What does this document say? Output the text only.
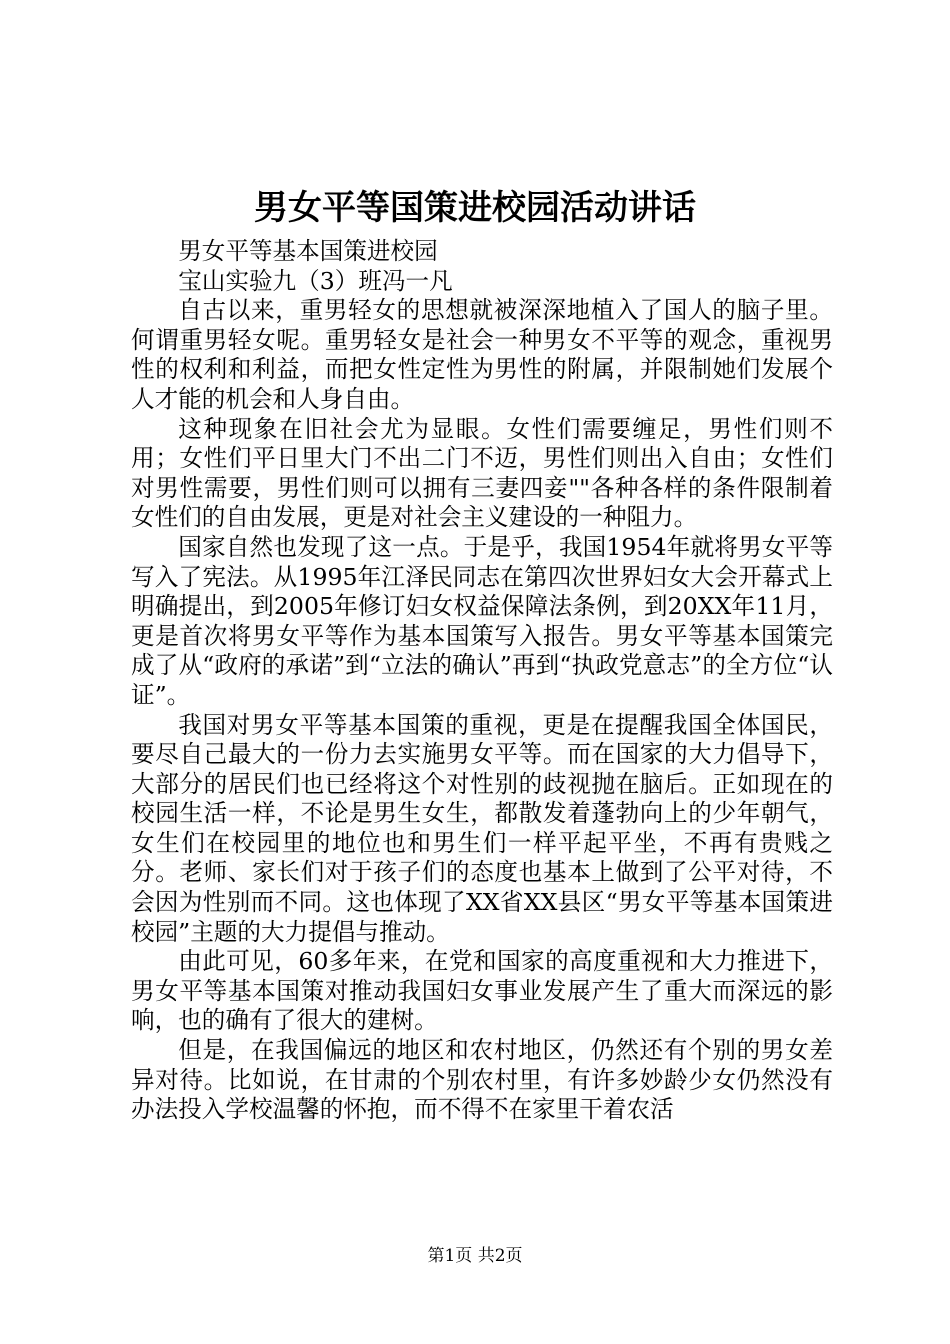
男女平等国策进校园活动讲话

男女平等基本国策进校园

宝山实验九（3）班冯一凡

自古以来，重男轻女的思想就被深深地植入了国人的脑子里。何谓重男轻女呢。重男轻女是社会一种男女不平等的观念，重视男性的权利和利益，而把女性定性为男性的附属，并限制她们发展个人才能的机会和人身自由。

这种现象在旧社会尤为显眼。女性们需要缠足，男性们则不用；女性们平日里大门不出二门不迈，男性们则出入自由；女性们对男性需要，男性们则可以拥有三妻四妾""各种各样的条件限制着女性们的自由发展，更是对社会主义建设的一种阻力。

国家自然也发现了这一点。于是乎，我国1954年就将男女平等写入了宪法。从1995年江泽民同志在第四次世界妇女大会开幕式上明确提出，到2005年修订妇女权益保障法条例，到20XX年11月，更是首次将男女平等作为基本国策写入报告。男女平等基本国策完成了从“政府的承诺”到“立法的确认”再到“执政党意志”的全方位“认证”。

我国对男女平等基本国策的重视，更是在提醒我国全体国民，要尽自己最大的一份力去实施男女平等。而在国家的大力倡导下，大部分的居民们也已经将这个对性别的歧视抛在脑后。正如现在的校园生活一样，不论是男生女生，都散发着蓬勃向上的少年朝气，女生们在校园里的地位也和男生们一样平起平坐，不再有贵贱之分。老师、家长们对于孩子们的态度也基本上做到了公平对待，不会因为性别而不同。这也体现了XX省XX县区“男女平等基本国策进校园”主题的大力提倡与推动。

由此可见，60多年来，在党和国家的高度重视和大力推进下，男女平等基本国策对推动我国妇女事业发展产生了重大而深远的影响，也的确有了很大的建树。

但是，在我国偏远的地区和农村地区，仍然还有个别的男女差异对待。比如说，在甘肃的个别农村里，有许多妙龄少女仍然没有办法投入学校温馨的怀抱，而不得不在家里干着农活

第1页 共2页
